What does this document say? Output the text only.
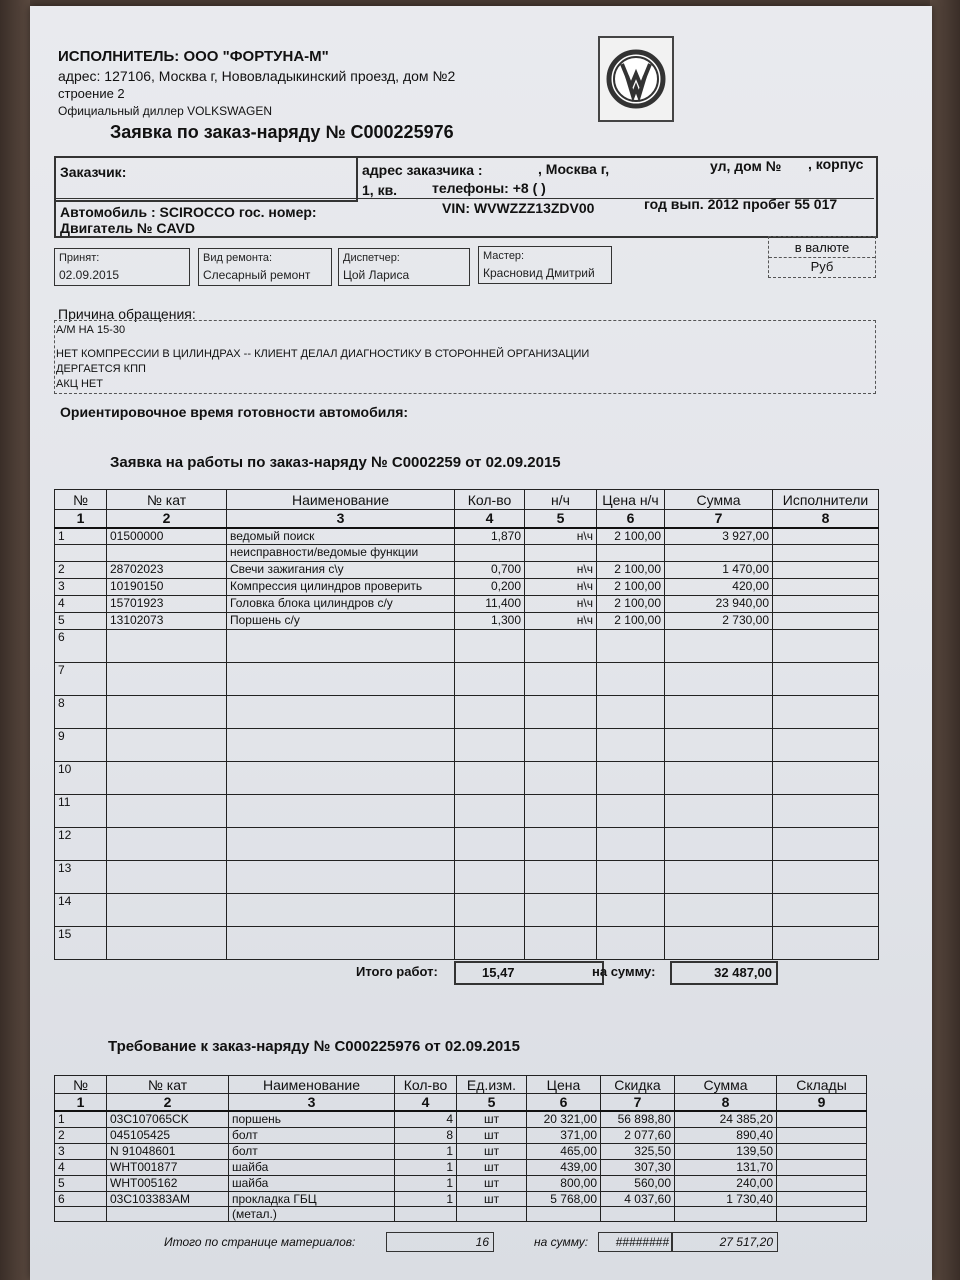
ИСПОЛНИТЕЛЬ: ООО "ФОРТУНА-М"
адрес: 127106, Москва г, Нововладыкинский проезд, дом №2
строение 2
Официальный диллер VOLKSWAGEN
Заявка по заказ-наряду № С000225976
Заказчик:	адрес заказчика :	, Москва г,	ул, дом № , корпус
1, кв. телефоны: +8 ( )
Автомобиль : SCIROCCO гос. номер:	VIN: WVWZZZ13ZDV00	год вып. 2012 пробег 55 017
Двигатель № CAVD
Принят:
02.09.2015
Вид ремонта:
Слесарный ремонт
Диспетчер:
Цой Лариса
Мастер:
Красновид Дмитрий
в валюте
Руб
Причина обращения:
А/М НА 15-30
НЕТ КОМПРЕССИИ В ЦИЛИНДРАХ -- КЛИЕНТ ДЕЛАЛ ДИАГНОСТИКУ В СТОРОННЕЙ ОРГАНИЗАЦИИ
ДЕРГАЕТСЯ КПП
АКЦ НЕТ
Ориентировочное время готовности автомобиля:
Заявка на работы по заказ-наряду № С0002259 от 02.09.2015
№	№ кат	Наименование	Кол-во	н/ч	Цена н/ч	Сумма	Исполнители
1	2	3	4	5	6	7	8
1	01500000	ведомый поиск	1,870	н\ч	2 100,00	3 927,00	
		неисправности/ведомые функции					
2	28702023	Свечи зажигания с\у	0,700	н\ч	2 100,00	1 470,00	
3	10190150	Компрессия цилиндров проверить	0,200	н\ч	2 100,00	420,00	
4	15701923	Головка блока цилиндров с/у	11,400	н\ч	2 100,00	23 940,00	
5	13102073	Поршень с/у	1,300	н\ч	2 100,00	2 730,00	
6							
7							
8							
9							
10							
11							
12							
13							
14							
15							
Итого работ:	15,47	на сумму:	32 487,00
Требование к заказ-наряду № С000225976 от 02.09.2015
№	№ кат	Наименование	Кол-во	Ед.изм.	Цена	Скидка	Сумма	Склады
1	2	3	4	5	6	7	8	9
1	03C107065CK	поршень	4	шт	20 321,00	56 898,80	24 385,20	
2	045105425	болт	8	шт	371,00	2 077,60	890,40	
3	N 91048601	болт	1	шт	465,00	325,50	139,50	
4	WHT001877	шайба	1	шт	439,00	307,30	131,70	
5	WHT005162	шайба	1	шт	800,00	560,00	240,00	
6	03C103383AM	прокладка ГБЦ	1	шт	5 768,00	4 037,60	1 730,40	
		(метал.)						
Итого по странице материалов:	16	на сумму: ########	27 517,20
